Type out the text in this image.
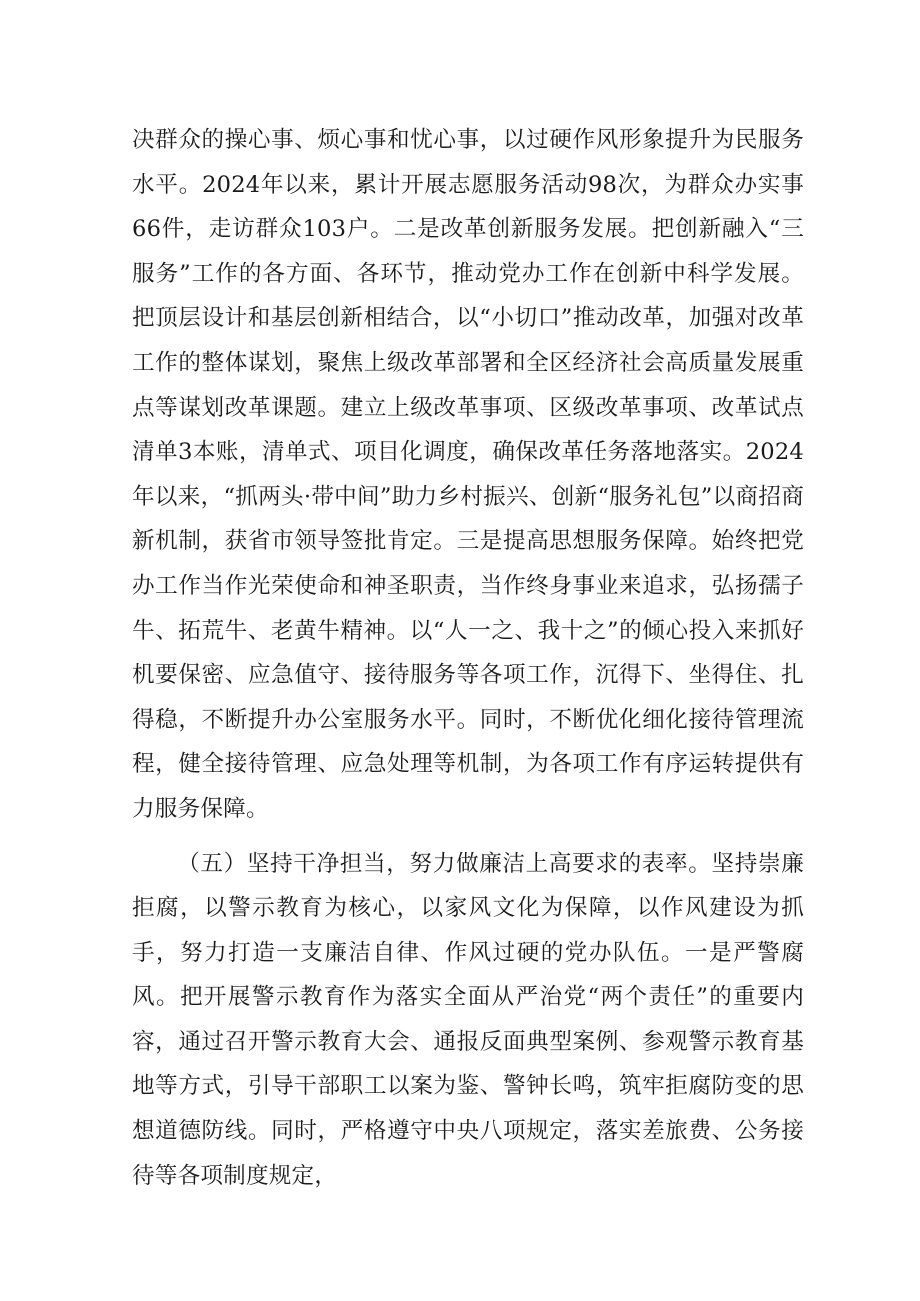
决群众的操心事、烦心事和忧心事，以过硬作风形象提升为民服务水平。2024年以来，累计开展志愿服务活动98次，为群众办实事66件，走访群众103户。二是改革创新服务发展。把创新融入“三服务”工作的各方面、各环节，推动党办工作在创新中科学发展。把顶层设计和基层创新相结合，以“小切口”推动改革，加强对改革工作的整体谋划，聚焦上级改革部署和全区经济社会高质量发展重点等谋划改革课题。建立上级改革事项、区级改革事项、改革试点清单3本账，清单式、项目化调度，确保改革任务落地落实。2024年以来，“抓两头·带中间”助力乡村振兴、创新“服务礼包”以商招商新机制，获省市领导签批肯定。三是提高思想服务保障。始终把党办工作当作光荣使命和神圣职责，当作终身事业来追求，弘扬孺子牛、拓荒牛、老黄牛精神。以“人一之、我十之”的倾心投入来抓好机要保密、应急值守、接待服务等各项工作，沉得下、坐得住、扎得稳，不断提升办公室服务水平。同时，不断优化细化接待管理流程，健全接待管理、应急处理等机制，为各项工作有序运转提供有力服务保障。

（五）坚持干净担当，努力做廉洁上高要求的表率。坚持崇廉拒腐，以警示教育为核心，以家风文化为保障，以作风建设为抓手，努力打造一支廉洁自律、作风过硬的党办队伍。一是严警腐风。把开展警示教育作为落实全面从严治党“两个责任”的重要内容，通过召开警示教育大会、通报反面典型案例、参观警示教育基地等方式，引导干部职工以案为鉴、警钟长鸣，筑牢拒腐防变的思想道德防线。同时，严格遵守中央八项规定，落实差旅费、公务接待等各项制度规定，
